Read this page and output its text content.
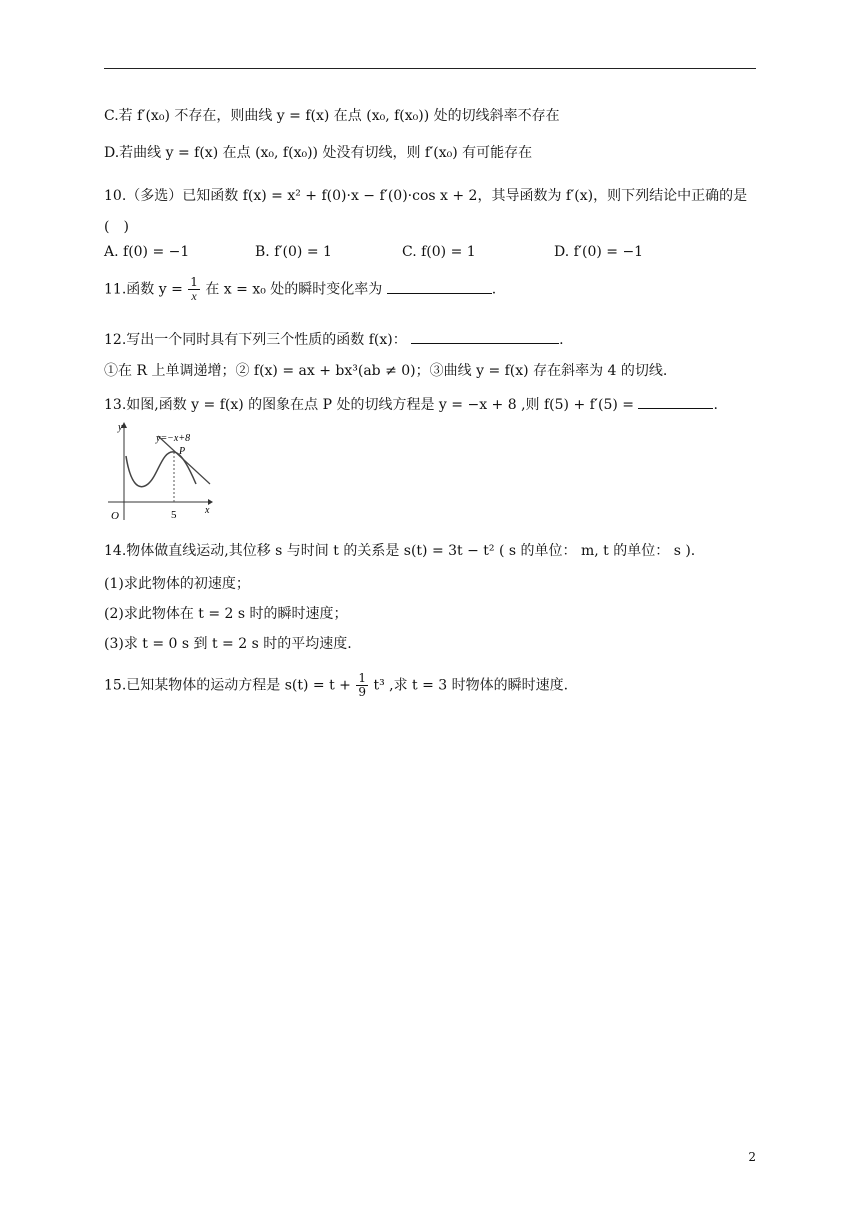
C.若 f′(x₀) 不存在，则曲线 y = f(x) 在点 (x₀, f(x₀)) 处的切线斜率不存在
D.若曲线 y = f(x) 在点 (x₀, f(x₀)) 处没有切线，则 f′(x₀) 有可能存在
10.（多选）已知函数 f(x) = x² + f(0)·x − f′(0)·cos x + 2，其导函数为 f′(x)，则下列结论中正确的是(　)
A. f(0) = −1	B. f′(0) = 1	C. f(0) = 1	D. f′(0) = −1
11.函数 $y = \frac{1}{x}$ 在 x = x₀ 处的瞬时变化率为	.
12.写出一个同时具有下列三个性质的函数 f(x)：	.
①在 R 上单调递增；② f(x) = ax + bx³(ab ≠ 0)；③曲线 y = f(x) 存在斜率为 4 的切线.
13.如图,函数 y = f(x) 的图象在点 P 处的切线方程是 y = −x + 8 ,则 f(5) + f′(5) =	.
y
x
O	5
y=−x+8
P
14.物体做直线运动,其位移 s 与时间 t 的关系是 s(t) = 3t − t² ( s 的单位： m, t 的单位： s ).
(1)求此物体的初速度；
(2)求此物体在 t = 2 s 时的瞬时速度；
(3)求 t = 0 s 到 t = 2 s 时的平均速度.
15.已知某物体的运动方程是 $s(t) = t + \frac{1}{9} t^3$ ,求 t = 3 时物体的瞬时速度.
2
